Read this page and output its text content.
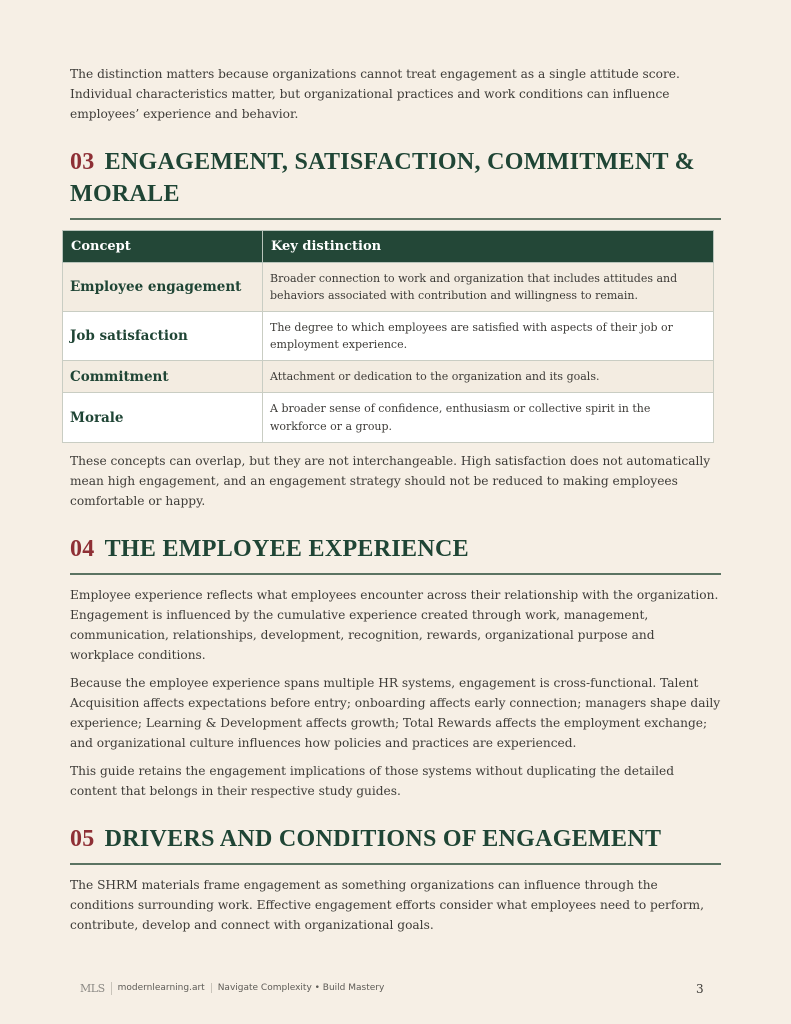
The distinction matters because organizations cannot treat engagement as a single attitude score. Individual characteristics matter, but organizational practices and work conditions can influence employees’ experience and behavior.

03 ENGAGEMENT, SATISFACTION, COMMITMENT & MORALE
Concept	Key distinction
Employee engagement	Broader connection to work and organization that includes attitudes and behaviors associated with contribution and willingness to remain.
Job satisfaction	The degree to which employees are satisfied with aspects of their job or employment experience.
Commitment	Attachment or dedication to the organization and its goals.
Morale	A broader sense of confidence, enthusiasm or collective spirit in the workforce or a group.

These concepts can overlap, but they are not interchangeable. High satisfaction does not automatically mean high engagement, and an engagement strategy should not be reduced to making employees comfortable or happy.

04 THE EMPLOYEE EXPERIENCE

Employee experience reflects what employees encounter across their relationship with the organization. Engagement is influenced by the cumulative experience created through work, management, communication, relationships, development, recognition, rewards, organizational purpose and workplace conditions.

Because the employee experience spans multiple HR systems, engagement is cross-functional. Talent Acquisition affects expectations before entry; onboarding affects early connection; managers shape daily experience; Learning & Development affects growth; Total Rewards affects the employment exchange; and organizational culture influences how policies and practices are experienced.

This guide retains the engagement implications of those systems without duplicating the detailed content that belongs in their respective study guides.

05 DRIVERS AND CONDITIONS OF ENGAGEMENT

The SHRM materials frame engagement as something organizations can influence through the conditions surrounding work. Effective engagement efforts consider what employees need to perform, contribute, develop and connect with organizational goals.

MLS	modernlearning.art	Navigate Complexity • Build Mastery	3
